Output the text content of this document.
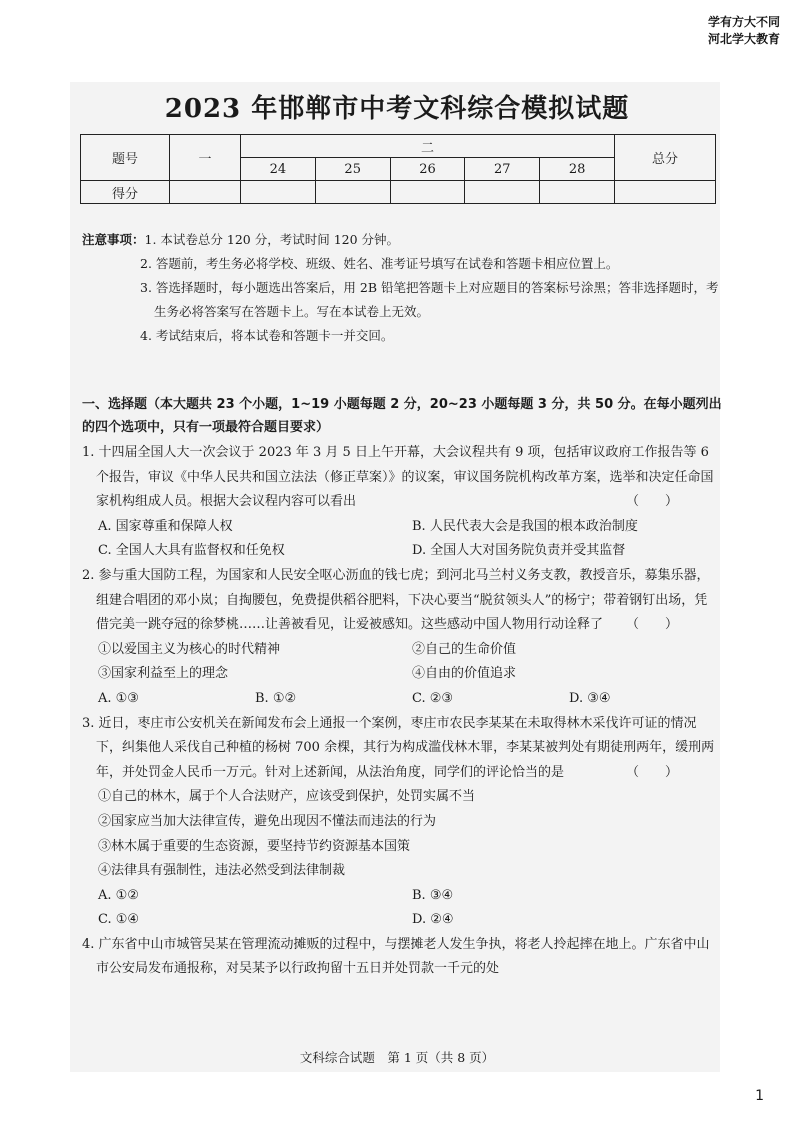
学有方大不同
河北学大教育
2023 年邯郸市中考文科综合模拟试题
题号	一	二					总分
		24	25	26	27	28	
得分							
注意事项：1. 本试卷总分 120 分，考试时间 120 分钟。
2. 答题前，考生务必将学校、班级、姓名、准考证号填写在试卷和答题卡相应位置上。
3. 答选择题时，每小题选出答案后，用 2B 铅笔把答题卡上对应题目的答案标号涂黑；答非选择题时，考生务必将答案写在答题卡上。写在本试卷上无效。
4. 考试结束后，将本试卷和答题卡一并交回。
一、选择题（本大题共 23 个小题，1~19 小题每题 2 分，20~23 小题每题 3 分，共 50 分。在每小题列出的四个选项中，只有一项最符合题目要求）
1. 十四届全国人大一次会议于 2023 年 3 月 5 日上午开幕，大会议程共有 9 项，包括审议政府工作报告等 6 个报告，审议《中华人民共和国立法法（修正草案）》的议案，审议国务院机构改革方案，选举和决定任命国家机构组成人员。根据大会议程内容可以看出	（　　）
A. 国家尊重和保障人权	B. 人民代表大会是我国的根本政治制度
C. 全国人大具有监督权和任免权	D. 全国人大对国务院负责并受其监督
2. 参与重大国防工程，为国家和人民安全呕心沥血的钱七虎；到河北马兰村义务支教，教授音乐，募集乐器，组建合唱团的邓小岚；自掏腰包，免费提供稻谷肥料，下决心要当“脱贫领头人”的杨宁；带着钢钉出场，凭借完美一跳夺冠的徐梦桃……让善被看见，让爱被感知。这些感动中国人物用行动诠释了 （　　）
①以爱国主义为核心的时代精神	②自己的生命价值
③国家利益至上的理念	④自由的价值追求
A. ①③	B. ①②	C. ②③	D. ③④
3. 近日，枣庄市公安机关在新闻发布会上通报一个案例，枣庄市农民李某某在未取得林木采伐许可证的情况下，纠集他人采伐自己种植的杨树 700 余棵，其行为构成滥伐林木罪，李某某被判处有期徒刑两年，缓刑两年，并处罚金人民币一万元。针对上述新闻，从法治角度，同学们的评论恰当的是	（　　）
①自己的林木，属于个人合法财产，应该受到保护，处罚实属不当
②国家应当加大法律宣传，避免出现因不懂法而违法的行为
③林木属于重要的生态资源，要坚持节约资源基本国策
④法律具有强制性，违法必然受到法律制裁
A. ①②	B. ③④
C. ①④	D. ②④
4. 广东省中山市城管吴某在管理流动摊贩的过程中，与摆摊老人发生争执，将老人拎起摔在地上。广东省中山市公安局发布通报称，对吴某予以行政拘留十五日并处罚款一千元的处
文科综合试题　第 1 页（共 8 页）
1
